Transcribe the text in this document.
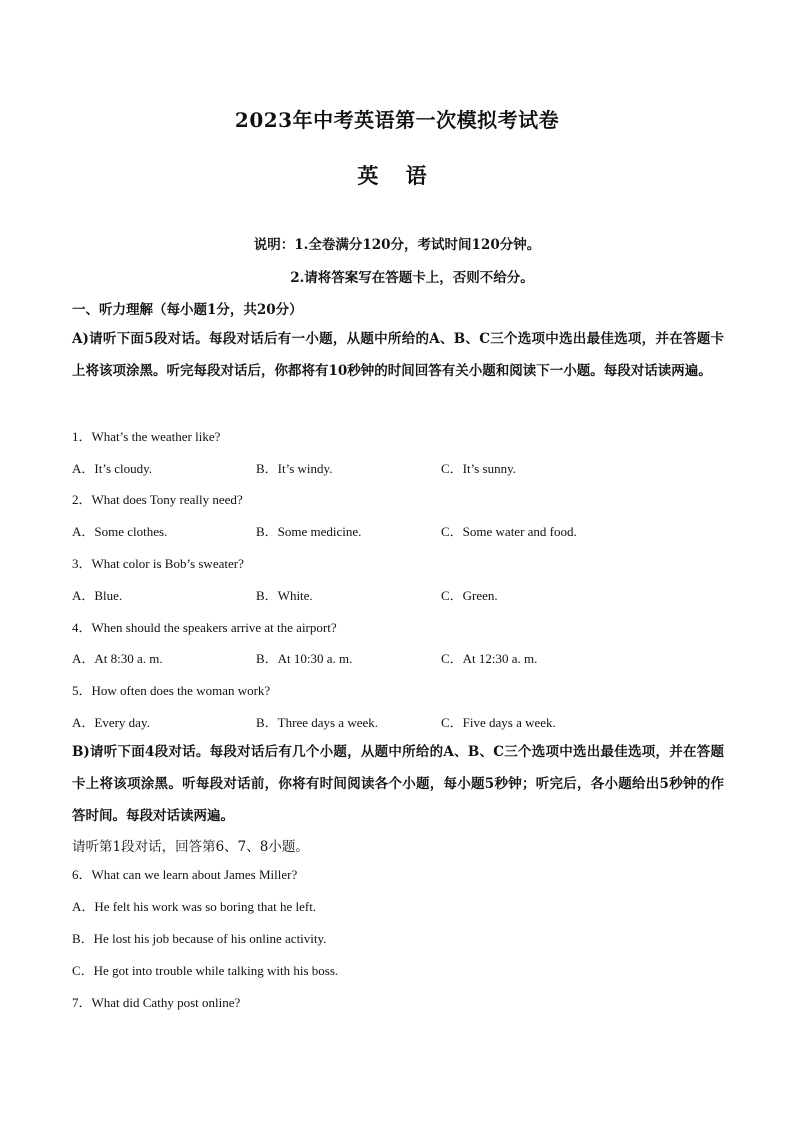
2023年中考英语第一次模拟考试卷
英 语
说明：1.全卷满分120分，考试时间120分钟。
2.请将答案写在答题卡上，否则不给分。
一、听力理解（每小题1分，共20分）
A)请听下面5段对话。每段对话后有一小题，从题中所给的A、B、C三个选项中选出最佳选项，并在答题卡上将该项涂黑。听完每段对话后，你都将有10秒钟的时间回答有关小题和阅读下一小题。每段对话读两遍。
1．What’s the weather like?
A．It’s cloudy.	B．It’s windy.	C．It’s sunny.
2．What does Tony really need?
A．Some clothes.	B．Some medicine.	C．Some water and food.
3．What color is Bob’s sweater?
A．Blue.	B．White.	C．Green.
4．When should the speakers arrive at the airport?
A．At 8:30 a. m.	B．At 10:30 a. m.	C．At 12:30 a. m.
5．How often does the woman work?
A．Every day.	B．Three days a week.	C．Five days a week.
B)请听下面4段对话。每段对话后有几个小题，从题中所给的A、B、C三个选项中选出最佳选项，并在答题卡上将该项涂黑。听每段对话前，你将有时间阅读各个小题，每小题5秒钟；听完后，各小题给出5秒钟的作答时间。每段对话读两遍。
请听第1段对话，回答第6、7、8小题。
6．What can we learn about James Miller?
A．He felt his work was so boring that he left.
B．He lost his job because of his online activity.
C．He got into trouble while talking with his boss.
7．What did Cathy post online?
